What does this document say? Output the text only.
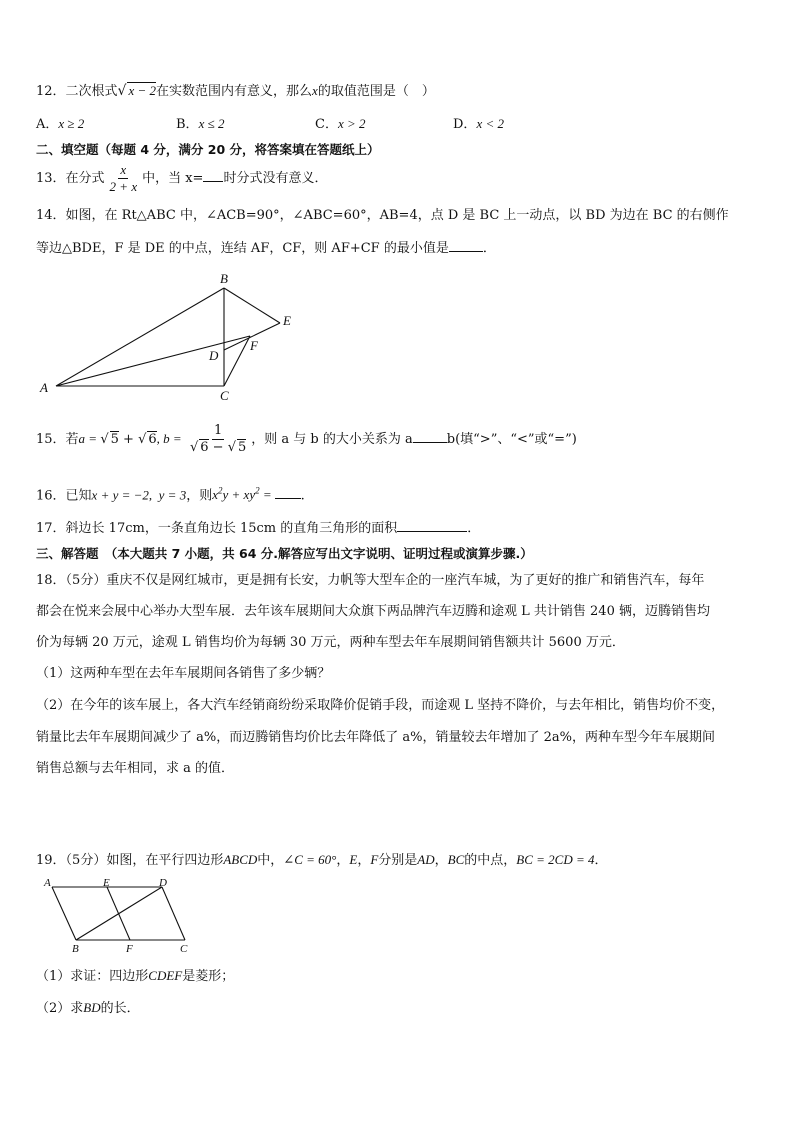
12．二次根式√ x − 2在实数范围内有意义，那么x的取值范围是（　）
A．x ≥ 2	B．x ≤ 2	C．x > 2	D．x < 2
二、填空题（每题 4 分，满分 20 分，将答案填在答题纸上）
13．在分式 $\frac{x}{2 + x}$ 中，当 x= 时分式没有意义．
14．如图，在 Rt△ABC 中，∠ACB=90°，∠ABC=60°，AB=4，点 D 是 BC 上一动点，以 BD 为边在 BC 的右侧作
等边△BDE，F 是 DE 的中点，连结 AF，CF，则 AF+CF 的最小值是	．
A
B
C
D
E
F
15．若a = √ 5 + √ 6, $b = \frac{1}{√ 6 - √ 5}$ ，则 a 与 b 的大小关系为 a	b(填“>”、“<”或“=”)
16．已知x + y = −2,  y = 3，则$x^2y + xy^2$ = .
17．斜边长 17cm，一条直角边长 15cm 的直角三角形的面积	．
三、解答题　（本大题共 7 小题，共 64 分.解答应写出文字说明、证明过程或演算步骤.）
18．（5分）重庆不仅是网红城市，更是拥有长安，力帆等大型车企的一座汽车城，为了更好的推广和销售汽车，每年
都会在悦来会展中心举办大型车展．去年该车展期间大众旗下两品牌汽车迈腾和途观 L 共计销售 240 辆，迈腾销售均
价为每辆 20 万元，途观 L 销售均价为每辆 30 万元，两种车型去年车展期间销售额共计 5600 万元．
（1）这两种车型在去年车展期间各销售了多少辆？
（2）在今年的该车展上，各大汽车经销商纷纷采取降价促销手段，而途观 L 坚持不降价，与去年相比，销售均价不变，
销量比去年车展期间减少了 a%，而迈腾销售均价比去年降低了 a%，销量较去年增加了 2a%，两种车型今年车展期间
销售总额与去年相同，求 a 的值．
19．（5分）如图，在平行四边形ABCD中，∠C = 60°，E，F分别是AD，BC的中点，BC = 2CD = 4．
A	E	D
B	F	C
（1）求证：四边形CDEF是菱形；
（2）求BD的长．
